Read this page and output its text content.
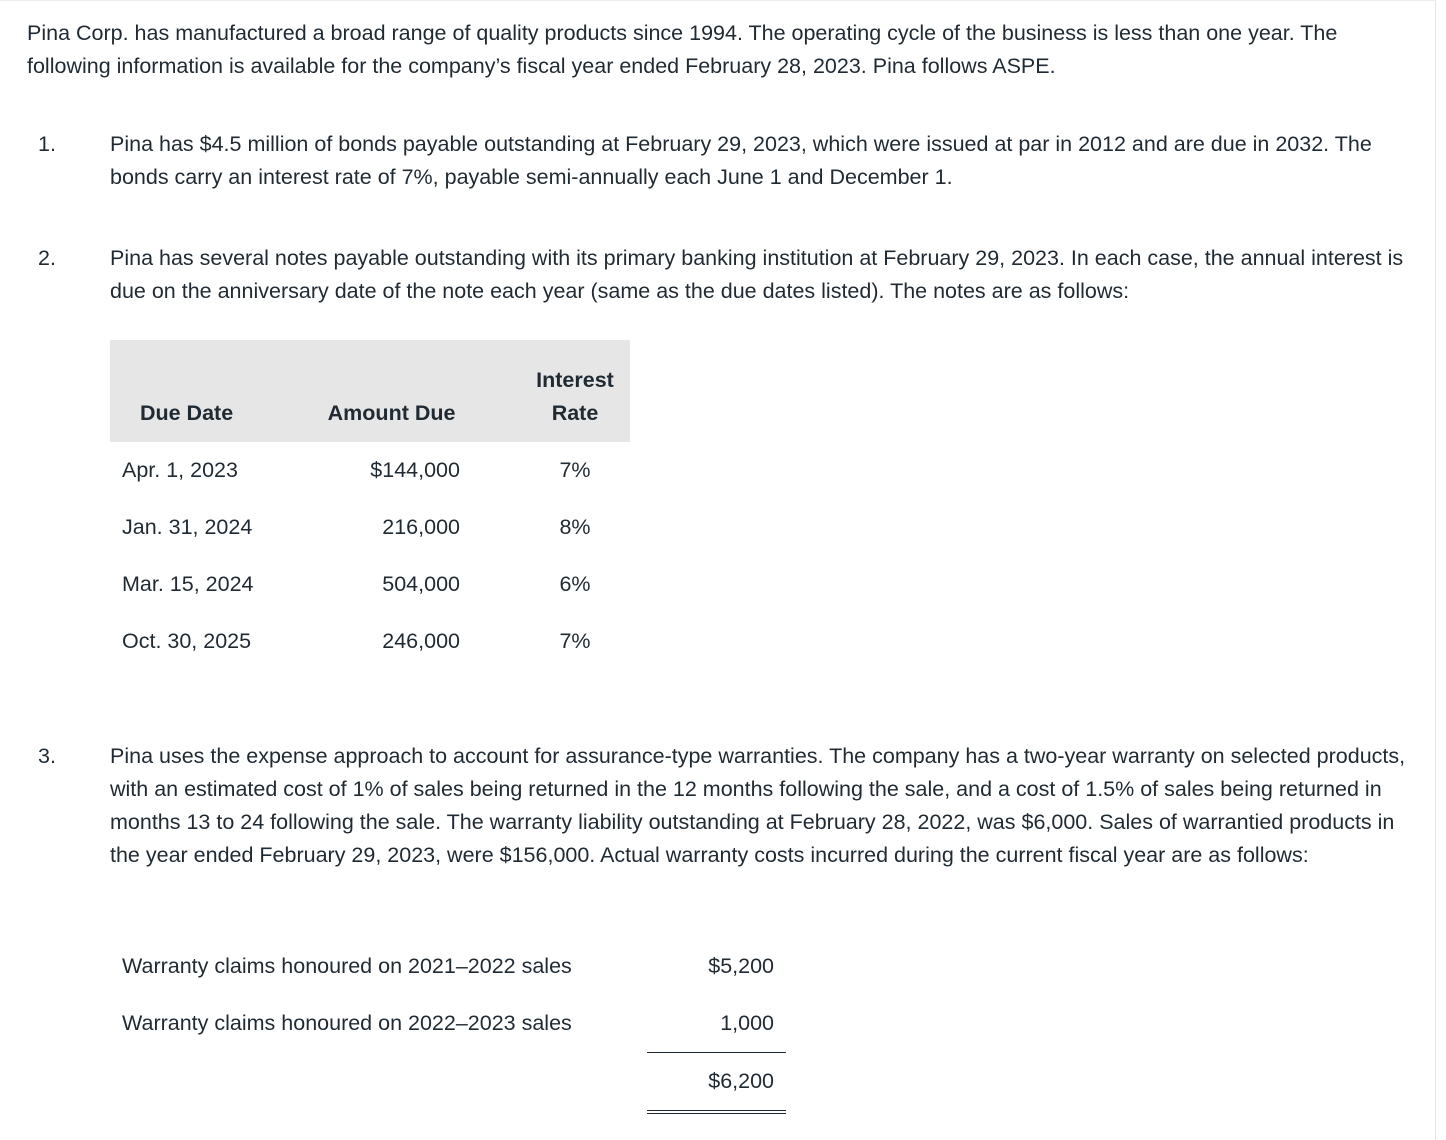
Pina Corp. has manufactured a broad range of quality products since 1994. The operating cycle of the business is less than one year. The following information is available for the company’s fiscal year ended February 28, 2023. Pina follows ASPE.

1.	Pina has $4.5 million of bonds payable outstanding at February 29, 2023, which were issued at par in 2012 and are due in 2032. The bonds carry an interest rate of 7%, payable semi-annually each June 1 and December 1.

2.	Pina has several notes payable outstanding with its primary banking institution at February 29, 2023. In each case, the annual interest is due on the anniversary date of the note each year (same as the due dates listed). The notes are as follows:

Due Date	Amount Due	Interest
Rate
Apr. 1, 2023	$144,000	7%
Jan. 31, 2024	216,000	8%
Mar. 15, 2024	504,000	6%
Oct. 30, 2025	246,000	7%
3.	Pina uses the expense approach to account for assurance-type warranties. The company has a two-year warranty on selected products, with an estimated cost of 1% of sales being returned in the 12 months following the sale, and a cost of 1.5% of sales being returned in months 13 to 24 following the sale. The warranty liability outstanding at February 28, 2022, was $6,000. Sales of warrantied products in the year ended February 29, 2023, were $156,000. Actual warranty costs incurred during the current fiscal year are as follows:

Warranty claims honoured on 2021–2022 sales	$5,200
Warranty claims honoured on 2022–2023 sales	1,000
	$6,200
